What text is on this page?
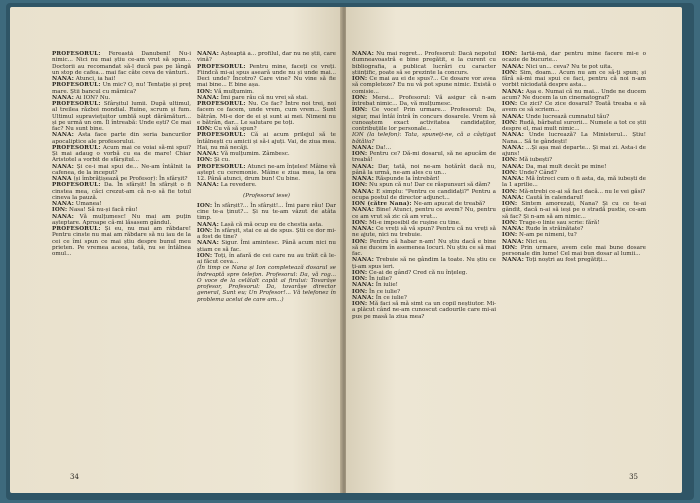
PROFESORUL: Fereastă Danubeni! Nu-i nimic... Nici nu mai știu ce-am vrut să spun... Doctorii au recomandat să-l ducă pas pe lângă un stop de cafea... mai fac câte ceva de vânturi..

NANA: Atunci, ia hai!

PROFESORUL: Un mic? O, nu! Tentație și preț mare. Știi bancul cu mămica?

NANA: Ai ION? Nu.

PROFESORUL: Sfârșitul lumii. După ultimul, al treilea război mondial. Ruine, scrum și fum. Ultimul supraviețuitor umblă supt dărâmături... și pe urmă un om. Îl întreabă: Unde ești? Ce mai fac? Nu sunt bine.

NANA: Asta face parte din seria bancurilor apocaliptice ale profesorului.

PROFESORUL: Acum mai ce voiai să-mi spui? Și mai adaug o vorbă cu ea de mare! Chiar Aristotel a vorbit de sfârșitul...

NANA: Și ce-i mai spui de... Ne-am întâlnit la cafenea, de la inceput?

NANA (și îmbrățișează pe Profesor): În sfârșit?

PROFESORUL: Da. În sfârșit! În sfârșit o fi cinstea mea, căci crezut-am că n-o să fie totul cineva la pauză.

NANA: Umanea!

ION: Nasa! Să nu-și facă rău!

NANA: Vă mulțumesc! Nu mai am puțin așteptare. Aproape că-mi lăsasem gândul.

PROFESORUL: Și eu, nu mai am răbdare! Pentru cinste nu mai am răbdare să nu iau de la cei ce îmi spun ce mai știu despre bunul meu prieten. Pe vremea aceea, tată, nu se întâlnea omul...

NANA: Așteaptă a... profilul, dar nu ne știi, care vină?

PROFESORUL: Pentru mine, faceți ce vreți. Fiindcă mi-ai spus aseară unde nu și unde mai... Deci unde? Încotro? Care vine? Nu vine să fie mai bine... E bine așa.

ION: Vă mulțumim.

NANA: Îmi pare rău că nu vrei să stai.

PROFESORUL: Nu. Ce fac? Între noi trei, noi facem ce facem, unde vrem, cum vrem... Sunt bătrân. Mi-e dor de ei și sunt ai mei. Nimeni nu e bătrân, dar... Le salutare pe toți.

ION: Cu vă să spun?

PROFESORUL: Că ai acum prilejul să te întâlnești cu amicii și să-i ajuți. Vai, de ziua mea. Hai, nu mă necăji.

NANA: Vă mulțumim. Zâmbesc.

ION: Și cu.

PROFESORUL: Atunci ne-am înțeles! Mâine vă aștept cu ceremonie. Mâine e ziua mea, la ora 12. Până atunci, drum bun! Cu bine.

NANA: La revedere.

(Profesorul iese)

ION: În sfârșit?... În sfârșit!... Îmi pare rău! Dar cine te-a ținut?... Și nu te-am văzut de atâta timp.

NANA: Lasă că mă ocup eu de chestia asta.

ION: În sfârșit, stai ce ai de spus. Știi ce dor mi-a fost de tine?

NANA: Sigur. Îmi amintesc. Până acum nici nu știam ce să fac.

ION: Toți, în afară de cei care nu au trăit că le-ai făcut ceva...

(În timp ce Nana și Ion completează dosarul se îndreaptă spre telefon. Profesorul: Da, vă rog... O voce de la celălalt capăt al firului: Tovarășe profesor, Profesorul: Da, tovarășe director general, Sunt eu; Un Profesor!... Vă telefonez în problema acelui de care am...)

34

NANA: Nu mai regret... Profesorul: Dacă nepotul dumneavoastră e bine pregătit, e la curent cu bibliografia, a publicat lucrări cu caracter științific, poate să se prezinte la concurs.

ION: Ce mai au ei de spus?... Ce dosare vor avea să completeze? Eu nu vă pot spune nimic. Există o comisie...

ION: Mersi... Profesorul: Vă asigur că n-am întrebat nimic... Da, vă mulțumesc.

ION: Ce voce! Prin urmare... Profesorul: Da, sigur, mai întâi întră în concurs dosarele. Vrem să cunoaștem exact activitatea candidaților, contribuțiile lor personale...

ION (la telefon): Tata, spuneți-ne, că a câștigat bătălia?

NANA: Da!...

ION: Pentru ce? Dă-mi dosarul, să ne apucăm de treabă!

NANA: Dar, tată, noi ne-am hotărât dacă nu, până la urmă, ne-am ales cu un...

NANA: Răspunde la întrebări!

ION: Nu spun că nu! Dar ce răspunsuri să dăm?

NANA: E simplu: "Pentru ce candidați?" Pentru a ocupa postul de director adjunct...

ION (către Nana): Ne-am apucat de treabă?

NANA: Bine! Atunci, pentru ce avem? Nu, pentru ce am vrut să zic că am vrut...

ION: Mi-e imposibil de rușine cu tine.

NANA: Ce vreți să vă spun? Pentru că nu vreți să ne ajute, nici nu trebuie.

ION: Pentru că habar n-am! Nu știu dacă e bine să ne ducem în asemenea locuri. Nu știu ce să mai fac.

NANA: Trebuie să ne gândim la toate. Nu știu ce ți-am spus ieri.

ION: Ce-ai de gând? Cred că nu înțeleg.

ION: În iulie?

NANA: În iulie!

ION: În ce iulie?

NANA: În ce iulie?

ION: Mă faci să mă simt ca un copil neștiutor. Mi-a plăcut când ne-am cunoscut cadourile care mi-ai pus pe masă la ziua mea?

ION: Iartă-mă, dar pentru mine facere mi-e o ocazie de bucurie...

NANA: Nici un... ceva? Nu te pot uita.

ION: Sim, doam... Acum nu am ce să-ți spun; și fără să-mi mai spui ce faci, pentru că noi n-am vorbit niciodată despre asta...

NANA: Așa e. Numai că nu mai... Unde ne ducem acum? Ne ducem la un cinematograf?

ION: Ce zici? Ce zice dosarul? Toată treaba e să avem ce să scriem...

NANA: Unde lucrează cumnatul tău?

ION: Rudă, bărbatul surorii... Numele a tot ce știi despre el, mai mult nimic...

NANA: Unde lucrează? La Ministerul... Știu! Nana... Să te gândești!

NANA: ...Și așa mai departe... Și mai zi. Asta-i de ajuns!

ION: Mă iubești?

NANA: Da, mai mult decât pe mine!

ION: Unde? Când?

NANA: Mă întreci cum o fi asta, da, mă iubești de la 1 aprilie...

ION: Mă-ntrebi ce-ai să faci dacă... nu le vei găsi?

NANA: Caută în calendarul!

ION: Sintem amorezați, Nana? Și cu ce te-ai gândit, dacă n-ai să ieși pe o stradă pustie, ce-am să fac? Și n-am să am nimic...

ION: Trage-o linie sau scrie: fără!

NANA: Rude în străinătate?

ION: N-am pe nimeni, tu?

NANA: Nici eu.

ION: Prin urmare, avem cele mai bune dosare personale din lume! Cel mai bun dosar al lumii...

NANA: Toți noștri au fost pregătiți...

35
